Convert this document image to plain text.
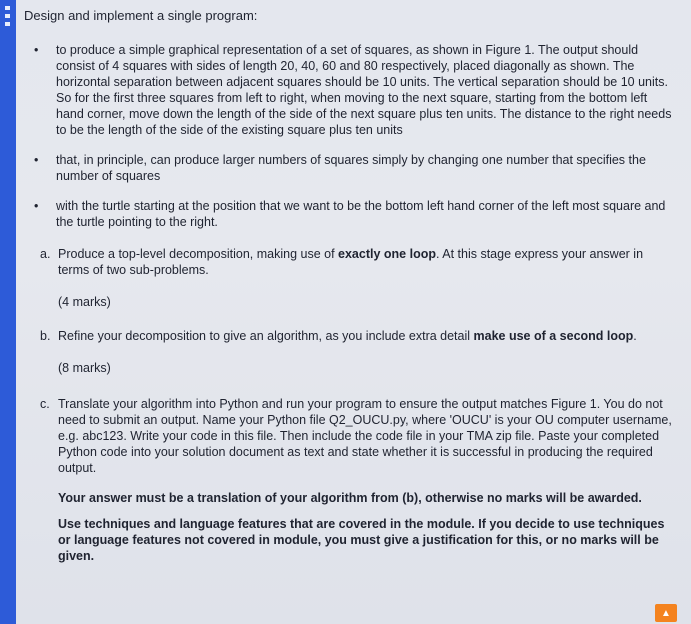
Design and implement a single program:
• to produce a simple graphical representation of a set of squares, as shown in Figure 1. The output should consist of 4 squares with sides of length 20, 40, 60 and 80 respectively, placed diagonally as shown. The horizontal separation between adjacent squares should be 10 units. The vertical separation should be 10 units. So for the first three squares from left to right, when moving to the next square, starting from the bottom left hand corner, move down the length of the side of the next square plus ten units. The distance to the right needs to be the length of the side of the existing square plus ten units
• that, in principle, can produce larger numbers of squares simply by changing one number that specifies the number of squares
• with the turtle starting at the position that we want to be the bottom left hand corner of the left most square and the turtle pointing to the right.
a. Produce a top-level decomposition, making use of exactly one loop. At this stage express your answer in terms of two sub-problems.
(4 marks)
b. Refine your decomposition to give an algorithm, as you include extra detail make use of a second loop.
(8 marks)
c. Translate your algorithm into Python and run your program to ensure the output matches Figure 1. You do not need to submit an output. Name your Python file Q2_OUCU.py, where 'OUCU' is your OU computer username, e.g. abc123. Write your code in this file. Then include the code file in your TMA zip file. Paste your completed Python code into your solution document as text and state whether it is successful in producing the required output.
Your answer must be a translation of your algorithm from (b), otherwise no marks will be awarded.
Use techniques and language features that are covered in the module. If you decide to use techniques or language features not covered in module, you must give a justification for this, or no marks will be given.
▲
